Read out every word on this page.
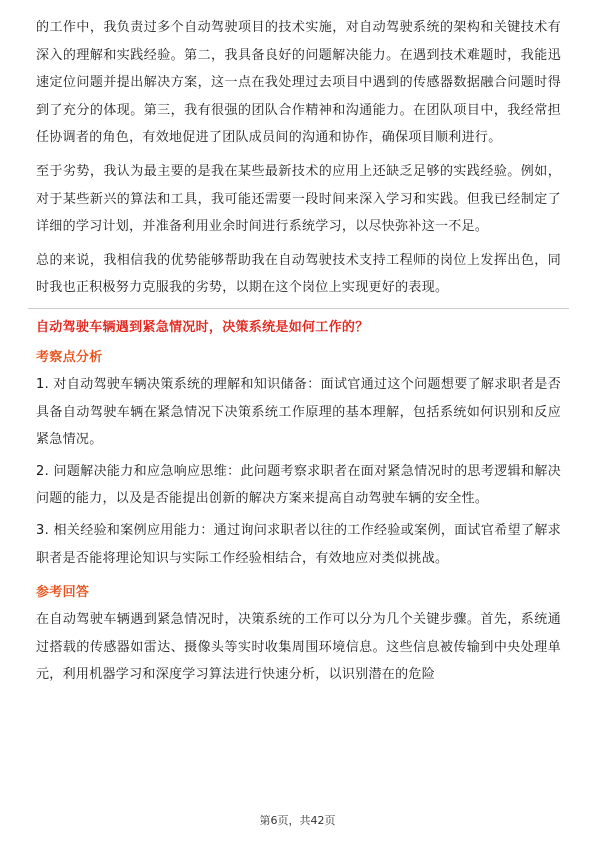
的工作中，我负责过多个自动驾驶项目的技术实施，对自动驾驶系统的架构和关键技术有深入的理解和实践经验。第二，我具备良好的问题解决能力。在遇到技术难题时，我能迅速定位问题并提出解决方案，这一点在我处理过去项目中遇到的传感器数据融合问题时得到了充分的体现。第三，我有很强的团队合作精神和沟通能力。在团队项目中，我经常担任协调者的角色，有效地促进了团队成员间的沟通和协作，确保项目顺利进行。

至于劣势，我认为最主要的是我在某些最新技术的应用上还缺乏足够的实践经验。例如，对于某些新兴的算法和工具，我可能还需要一段时间来深入学习和实践。但我已经制定了详细的学习计划，并准备利用业余时间进行系统学习，以尽快弥补这一不足。

总的来说，我相信我的优势能够帮助我在自动驾驶技术支持工程师的岗位上发挥出色，同时我也正积极努力克服我的劣势，以期在这个岗位上实现更好的表现。

自动驾驶车辆遇到紧急情况时，决策系统是如何工作的？
考察点分析

1. 对自动驾驶车辆决策系统的理解和知识储备：面试官通过这个问题想要了解求职者是否具备自动驾驶车辆在紧急情况下决策系统工作原理的基本理解，包括系统如何识别和反应紧急情况。

2. 问题解决能力和应急响应思维：此问题考察求职者在面对紧急情况时的思考逻辑和解决问题的能力，以及是否能提出创新的解决方案来提高自动驾驶车辆的安全性。

3. 相关经验和案例应用能力：通过询问求职者以往的工作经验或案例，面试官希望了解求职者是否能将理论知识与实际工作经验相结合，有效地应对类似挑战。

参考回答

在自动驾驶车辆遇到紧急情况时，决策系统的工作可以分为几个关键步骤。首先，系统通过搭载的传感器如雷达、摄像头等实时收集周围环境信息。这些信息被传输到中央处理单元，利用机器学习和深度学习算法进行快速分析，以识别潜在的危险

第6页，共42页
